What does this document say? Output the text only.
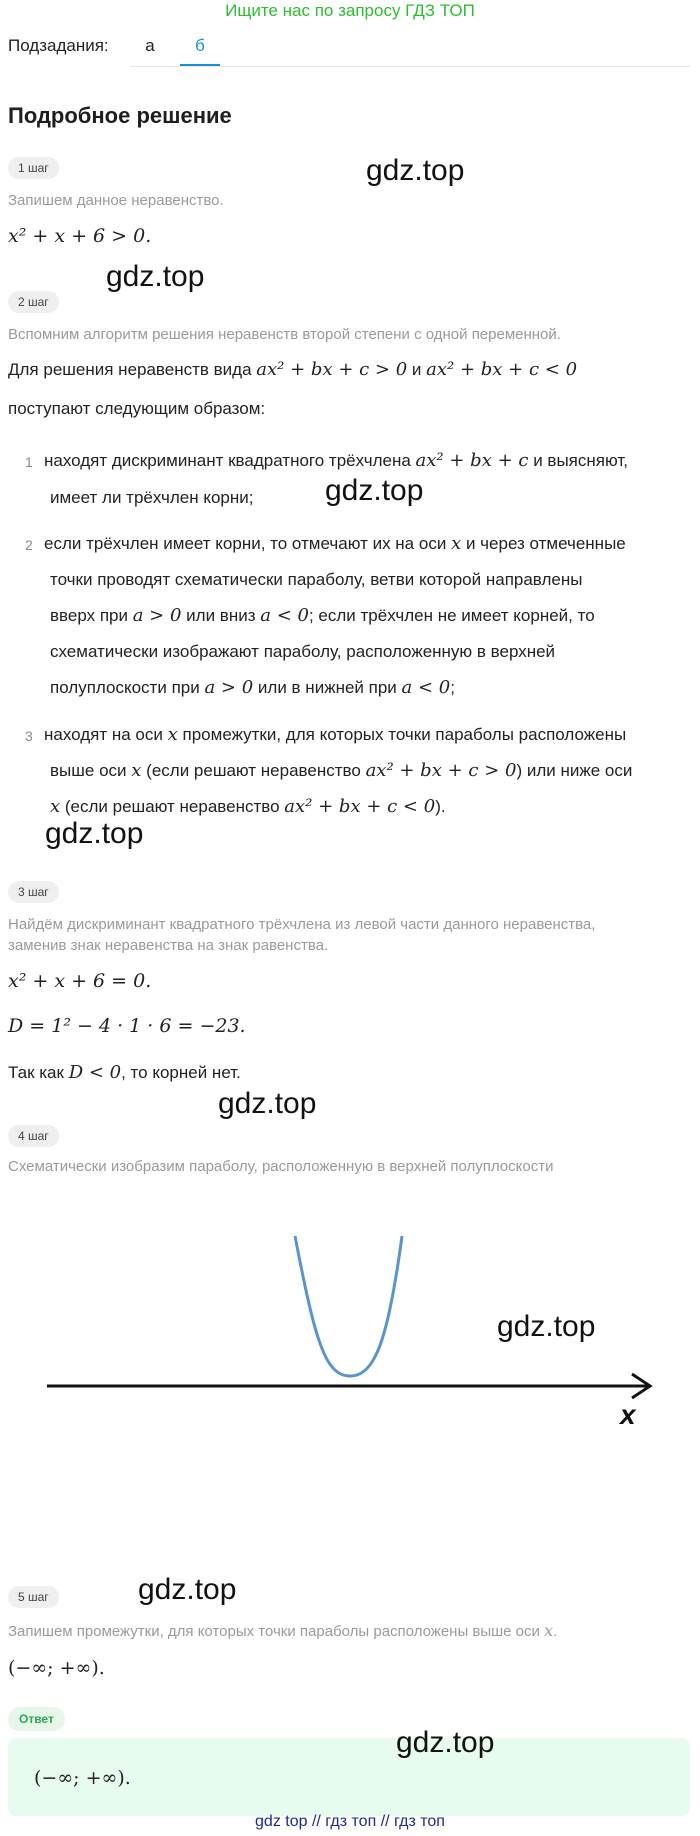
Ищите нас по запросу ГДЗ ТОП
Подзадания:	а	б
Подробное решение
1 шаг	gdz.top
Запишем данное неравенство.
x² + x + 6 > 0.
2 шаг
gdz.top
Вспомним алгоритм решения неравенств второй степени с одной переменной.
Для решения неравенств вида ax² + bx + c > 0 и ax² + bx + c < 0
поступают следующим образом:
1 находят дискриминант квадратного трёхчлена ax² + bx + c и выясняют,
имеет ли трёхчлен корни; gdz.top
2 если трёхчлен имеет корни, то отмечают их на оси x и через отмеченные
точки проводят схематически параболу, ветви которой направлены
вверх при a > 0 или вниз a < 0; если трёхчлен не имеет корней, то
схематически изображают параболу, расположенную в верхней
полуплоскости при a > 0 или в нижней при a < 0;
3 находят на оси x промежутки, для которых точки параболы расположены
выше оси x (если решают неравенство ax² + bx + c > 0) или ниже оси
x (если решают неравенство ax² + bx + c < 0).
gdz.top
3 шаг
Найдём дискриминант квадратного трёхчлена из левой части данного неравенства,
заменив знак неравенства на знак равенства.
x² + x + 6 = 0.
D = 1² − 4 · 1 · 6 = −23.
Так как D < 0, то корней нет.
gdz.top
4 шаг
Схематически изобразим параболу, расположенную в верхней полуплоскости
x
gdz.top
5 шаг	gdz.top
Запишем промежутки, для которых точки параболы расположены выше оси x.
(−∞; +∞).
Ответ
(−∞; +∞).
gdz.top
gdz top // гдз топ // гдз топ
